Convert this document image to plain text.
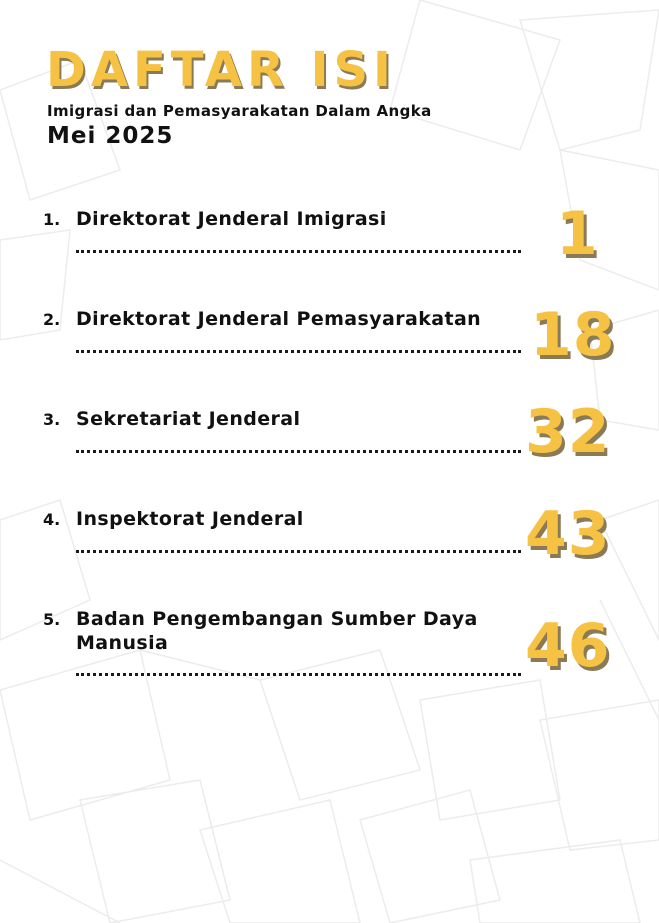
DAFTAR ISI
Imigrasi dan Pemasyarakatan Dalam Angka
Mei 2025
1. Direktorat Jenderal Imigrasi	1
2. Direktorat Jenderal Pemasyarakatan 18
3. Sekretariat Jenderal	32
4. Inspektorat Jenderal	43
5. Badan Pengembangan Sumber Daya Manusia	46
